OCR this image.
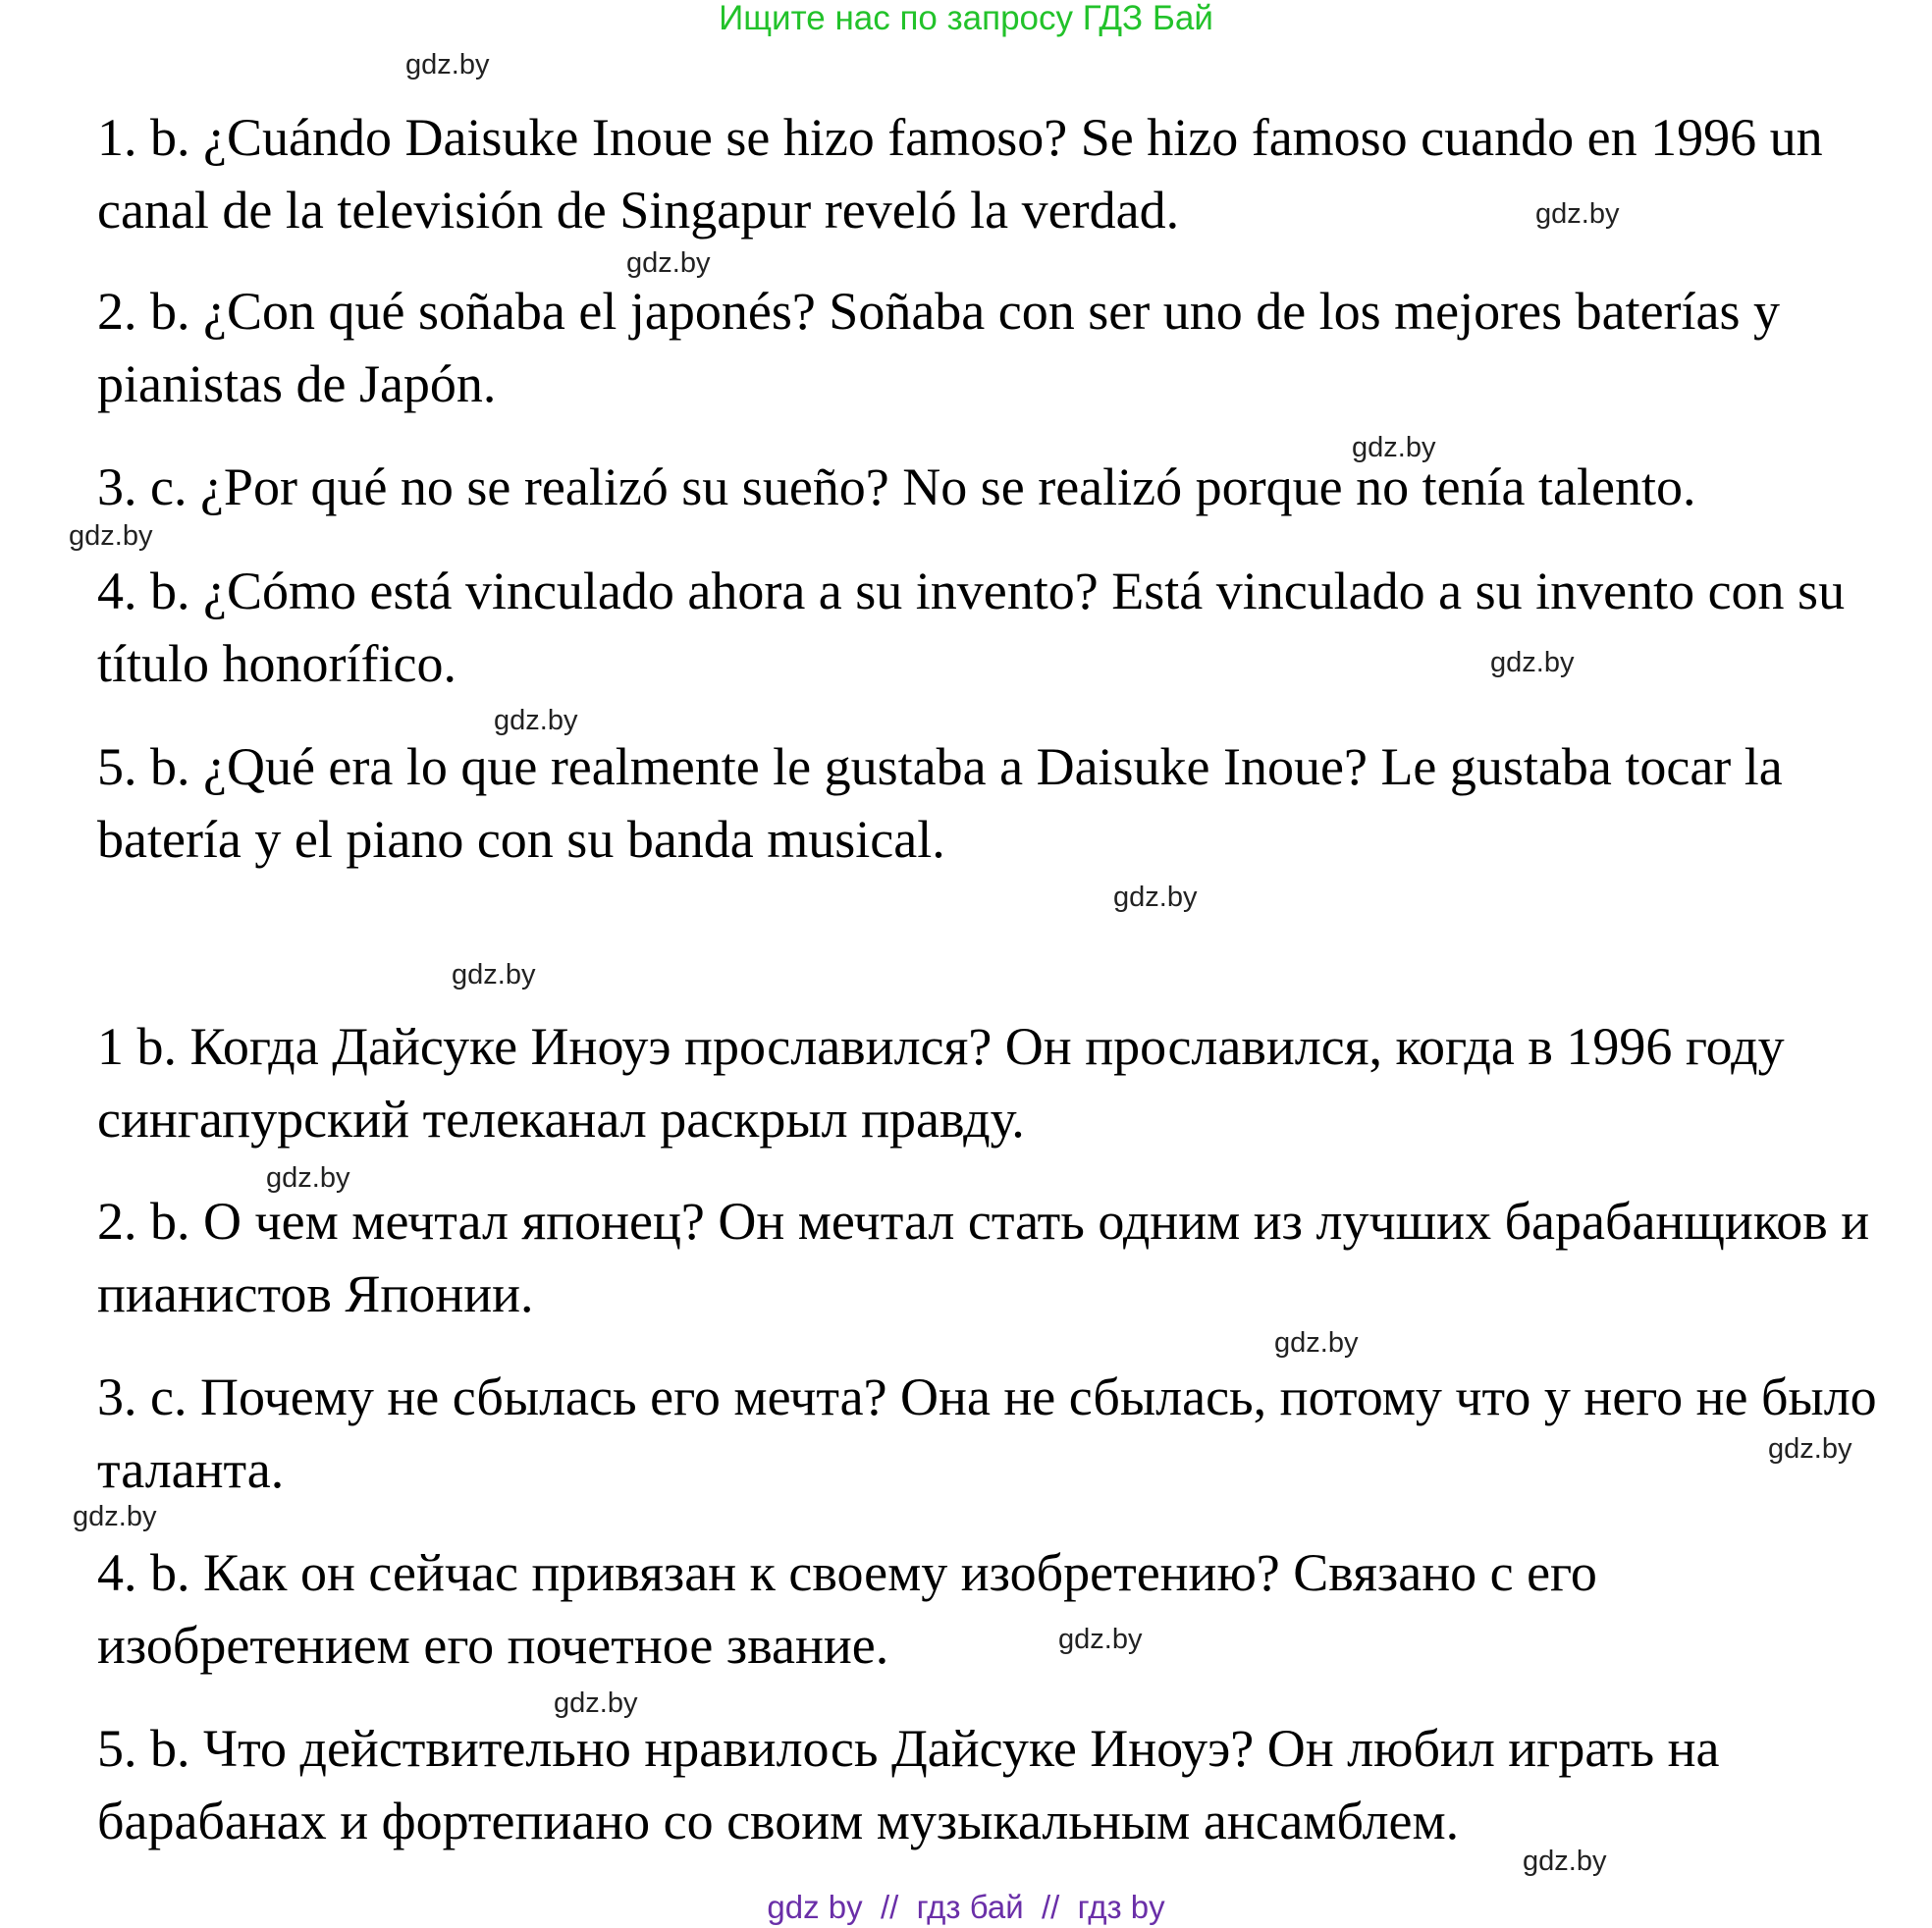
Ищите нас по запросу ГДЗ Бай

1. b. ¿Cuándo Daisuke Inoue se hizo famoso? Se hizo famoso cuando en 1996 un canal de la televisión de Singapur reveló la verdad.

2. b. ¿Con qué soñaba el japonés? Soñaba con ser uno de los mejores baterías y pianistas de Japón.

3. c. ¿Por qué no se realizó su sueño? No se realizó porque no tenía talento.

4. b. ¿Cómo está vinculado ahora a su invento? Está vinculado a su invento con su título honorífico.

5. b. ¿Qué era lo que realmente le gustaba a Daisuke Inoue? Le gustaba tocar la batería y el piano con su banda musical.

1 b. Когда Дайсуке Иноуэ прославился? Он прославился, когда в 1996 году сингапурский телеканал раскрыл правду.

2. b. О чем мечтал японец? Он мечтал стать одним из лучших барабанщиков и пианистов Японии.

3. c. Почему не сбылась его мечта? Она не сбылась, потому что у него не было таланта.

4. b. Как он сейчас привязан к своему изобретению? Связано с его изобретением его почетное звание.

5. b. Что действительно нравилось Дайсуке Иноуэ? Он любил играть на барабанах и фортепиано со своим музыкальным ансамблем.

gdz.by
gdz.by
gdz.by
gdz.by
gdz.by
gdz.by
gdz.by
gdz.by
gdz.by
gdz.by
gdz.by
gdz.by
gdz.by
gdz.by
gdz.by
gdz.by
gdz by  //  гдз бай  //  гдз by
